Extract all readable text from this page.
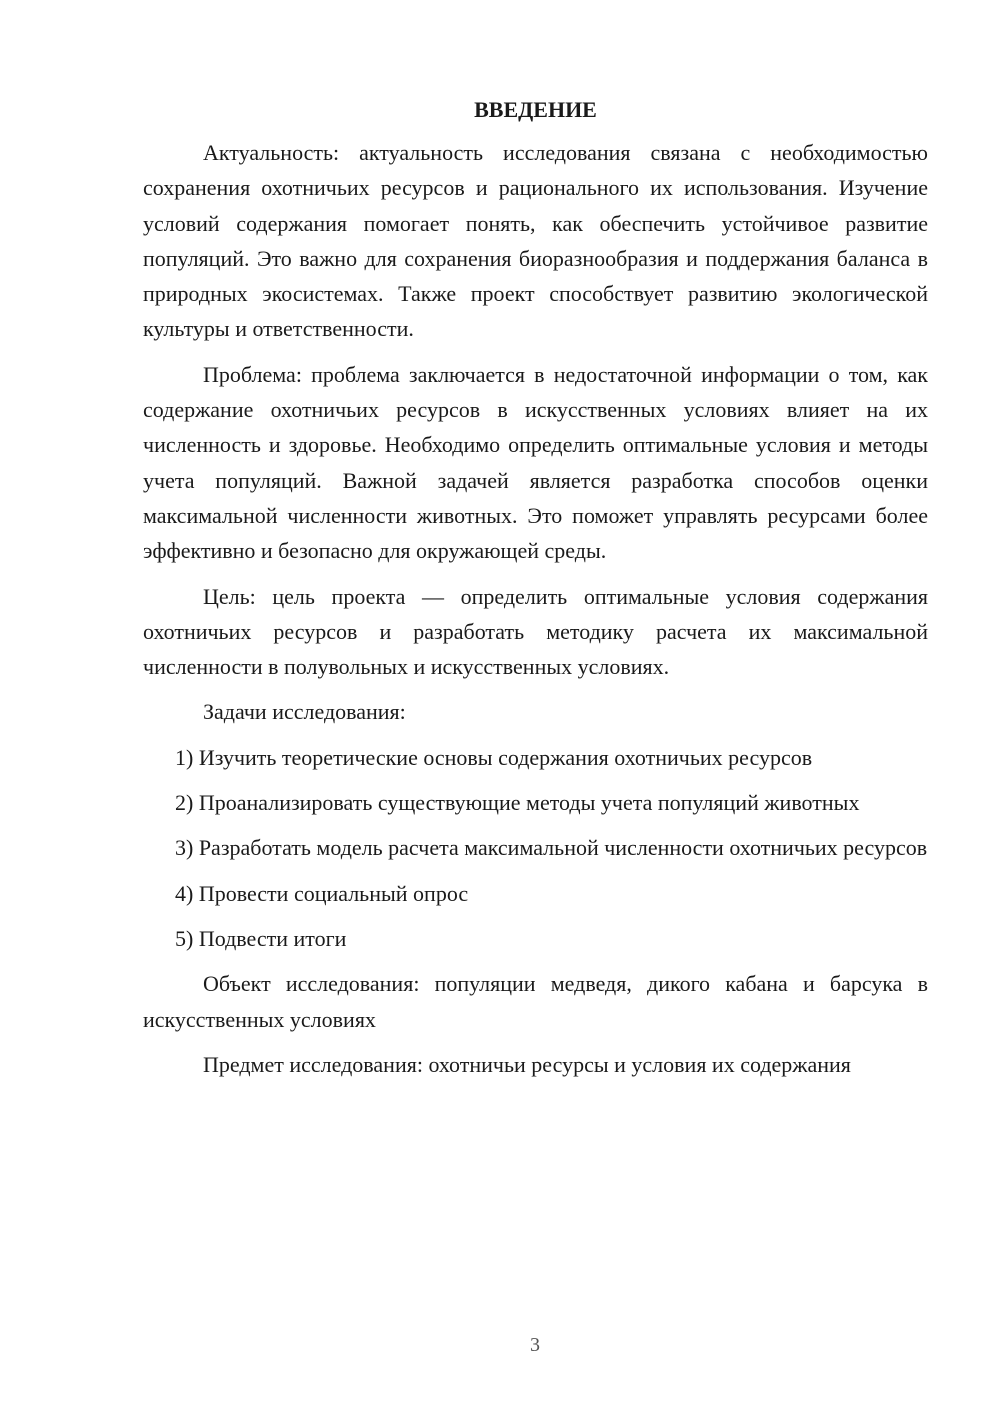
ВВЕДЕНИЕ

Актуальность: актуальность исследования связана с необходимостью сохранения охотничьих ресурсов и рационального их использования. Изучение условий содержания помогает понять, как обеспечить устойчивое развитие популяций. Это важно для сохранения биоразнообразия и поддержания баланса в природных экосистемах. Также проект способствует развитию экологической культуры и ответственности.

Проблема: проблема заключается в недостаточной информации о том, как содержание охотничьих ресурсов в искусственных условиях влияет на их численность и здоровье. Необходимо определить оптимальные условия и методы учета популяций. Важной задачей является разработка способов оценки максимальной численности животных. Это поможет управлять ресурсами более эффективно и безопасно для окружающей среды.

Цель: цель проекта — определить оптимальные условия содержания охотничьих ресурсов и разработать методику расчета их максимальной численности в полувольных и искусственных условиях.

Задачи исследования:

1) Изучить теоретические основы содержания охотничьих ресурсов

2) Проанализировать существующие методы учета популяций животных

3) Разработать модель расчета максимальной численности охотничьих ресурсов

4) Провести социальный опрос

5) Подвести итоги

Объект исследования: популяции медведя, дикого кабана и барсука в искусственных условиях

Предмет исследования: охотничьи ресурсы и условия их содержания

3
